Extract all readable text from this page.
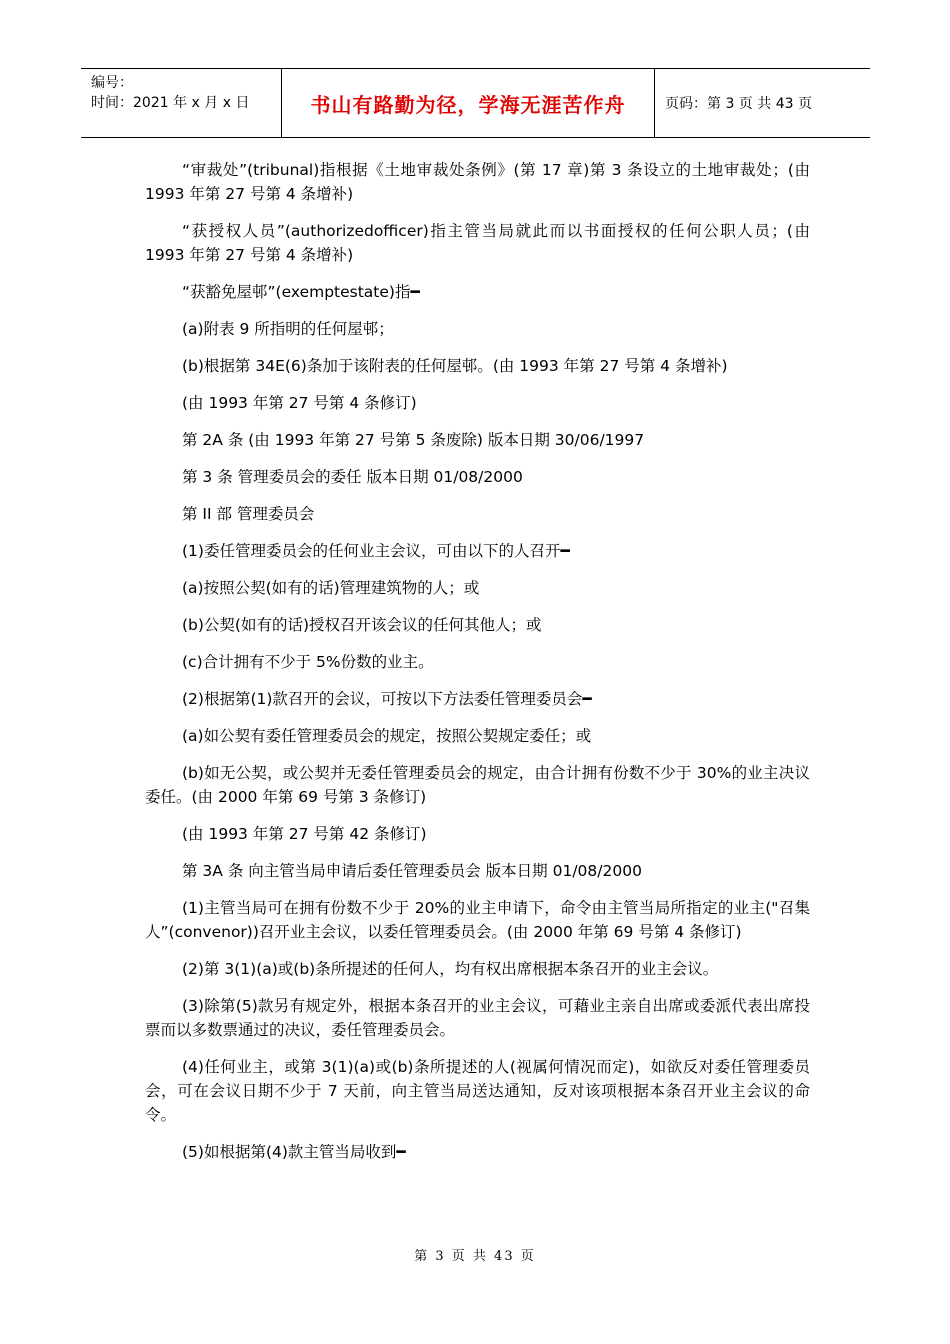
编号：
时间：2021 年 x 月 x 日	书山有路勤为径，学海无涯苦作舟	页码：第 3 页 共 43 页

“审裁处”(tribunal)指根据《土地审裁处条例》(第 17 章)第 3 条设立的土地审裁处；(由 1993 年第 27 号第 4 条增补)

“获授权人员”(authorizedofficer)指主管当局就此而以书面授权的任何公职人员；(由 1993 年第 27 号第 4 条增补)

“获豁免屋邨”(exemptestate)指━

(a)附表 9 所指明的任何屋邨；

(b)根据第 34E(6)条加于该附表的任何屋邨。(由 1993 年第 27 号第 4 条增补)

(由 1993 年第 27 号第 4 条修订)

第 2A 条 (由 1993 年第 27 号第 5 条废除) 版本日期 30/06/1997

第 3 条 管理委员会的委任 版本日期 01/08/2000

第 II 部 管理委员会

(1)委任管理委员会的任何业主会议，可由以下的人召开━

(a)按照公契(如有的话)管理建筑物的人；或

(b)公契(如有的话)授权召开该会议的任何其他人；或

(c)合计拥有不少于 5%份数的业主。

(2)根据第(1)款召开的会议，可按以下方法委任管理委员会━

(a)如公契有委任管理委员会的规定，按照公契规定委任；或

(b)如无公契，或公契并无委任管理委员会的规定，由合计拥有份数不少于 30%的业主决议委任。(由 2000 年第 69 号第 3 条修订)

(由 1993 年第 27 号第 42 条修订)

第 3A 条 向主管当局申请后委任管理委员会 版本日期 01/08/2000

(1)主管当局可在拥有份数不少于 20%的业主申请下，命令由主管当局所指定的业主("召集人”(convenor))召开业主会议，以委任管理委员会。(由 2000 年第 69 号第 4 条修订)

(2)第 3(1)(a)或(b)条所提述的任何人，均有权出席根据本条召开的业主会议。

(3)除第(5)款另有规定外，根据本条召开的业主会议，可藉业主亲自出席或委派代表出席投票而以多数票通过的决议，委任管理委员会。

(4)任何业主，或第 3(1)(a)或(b)条所提述的人(视属何情况而定)，如欲反对委任管理委员会，可在会议日期不少于 7 天前，向主管当局送达通知，反对该项根据本条召开业主会议的命令。

(5)如根据第(4)款主管当局收到━

第 3 页 共 43 页
